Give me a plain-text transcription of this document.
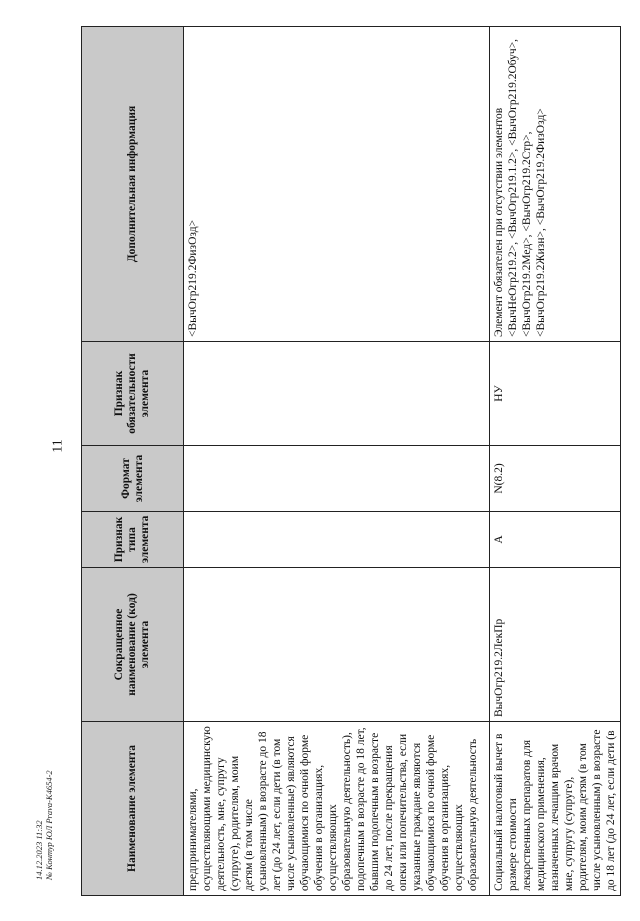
11
Наименование элемента	Сокращенное наименование (код) элемента	Признак типа элемента	Формат элемента	Признак обязательности элемента	Дополнительная информация
предпринимателями, осуществляющими медицинскую деятельность, мне, супругу (супруге), родителям, моим детям (в том числе усыновленным) в возрасте до 18 лет (до 24 лет, если дети (в том числе усыновленные) являются обучающимися по очной форме обучения в организациях, осуществляющих образовательную деятельность), подопечным в возрасте до 18 лет, бывшим подопечным в возрасте до 24 лет, после прекращения опеки или попечительства, если указанные граждане являются обучающимися по очной форме обучения в организациях, осуществляющих образовательную деятельность					<ВычОгр219.2ФизОзд>
Социальный налоговый вычет в размере стоимости лекарственных препаратов для медицинского применения, назначенных лечащим врачом мне, супругу (супруге), родителям, моим детям (в том числе усыновленным) в возрасте до 18 лет (до 24 лет, если дети (в	ВычОгр219.2ЛекПр	А	N(8.2)	НУ	Элемент обязателен при отсутствии элементов <ВычНеОгр219.2>, <ВычОгр219.1.2>, <ВычОгр219.2Обуч>, <ВычОгр219.2Мед>, <ВычОгр219.2Стр>, <ВычОгр219.2Жизн>, <ВычОгр219.2ФизОзд>
14.12.2023 11:32 № Контур ЮЛ Prava-К4654-2
